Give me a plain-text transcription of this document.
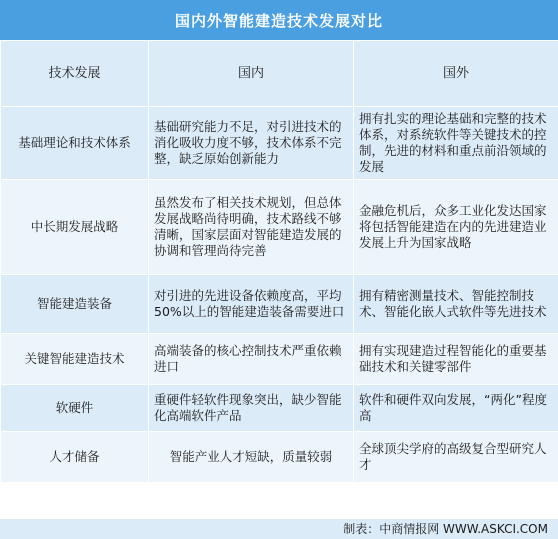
国内外智能建造技术发展对比
技术发展	国内	国外
基础理论和技术体系	基础研究能力不足，对引进技术的消化吸收力度不够，技术体系不完整，缺乏原始创新能力	拥有扎实的理论基础和完整的技术体系，对系统软件等关键技术的控制，先进的材料和重点前沿领域的发展
中长期发展战略	虽然发布了相关技术规划，但总体发展战略尚待明确，技术路线不够清晰，国家层面对智能建造发展的协调和管理尚待完善	金融危机后，众多工业化发达国家将包括智能建造在内的先进建造业发展上升为国家战略
智能建造装备	对引进的先进设备依赖度高，平均50%以上的智能建造装备需要进口	拥有精密测量技术、智能控制技术、智能化嵌人式软件等先进技术
关键智能建造技术	高端装备的核心控制技术严重依赖进口	拥有实现建造过程智能化的重要基础技术和关键零部件
软硬件	重硬件轻软件现象突出，缺少智能化高端软件产品	软件和硬件双向发展，“两化”程度高
人才储备	智能产业人才短缺，质量较弱	全球顶尖学府的高级复合型研究人才
制表：中商情报网 WWW.ASKCI.COM
